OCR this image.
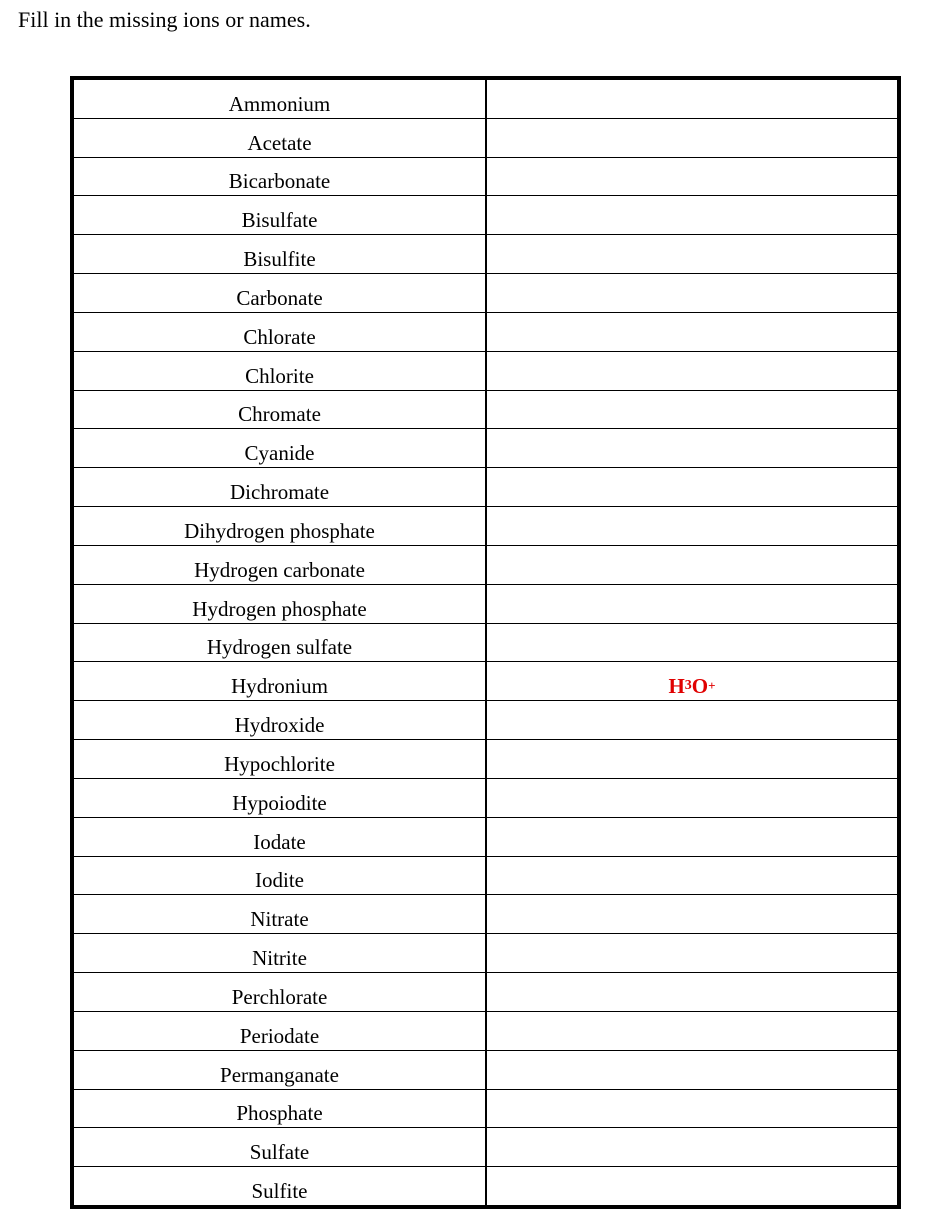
Fill in the missing ions or names.
Ammonium
Acetate
Bicarbonate
Bisulfate
Bisulfite
Carbonate
Chlorate
Chlorite
Chromate
Cyanide
Dichromate
Dihydrogen phosphate
Hydrogen carbonate
Hydrogen phosphate
Hydrogen sulfate
Hydronium	H 3 O +
Hydroxide
Hypochlorite
Hypoiodite
Iodate
Iodite
Nitrate
Nitrite
Perchlorate
Periodate
Permanganate
Phosphate
Sulfate
Sulfite
